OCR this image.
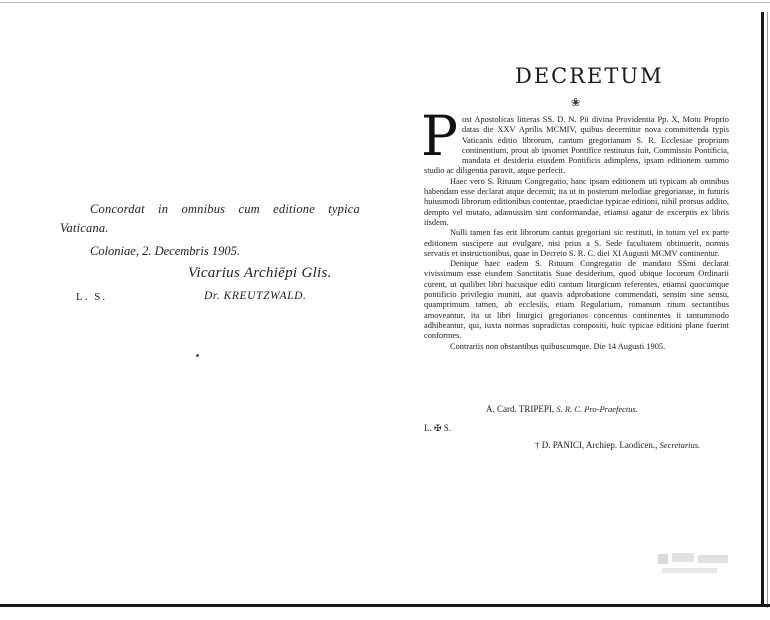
Concordat in omnibus cum editione typica Vaticana.

Coloniae, 2. Decembris 1905.

Vicarius Archiēpi Glis.
L. S.	Dr. KREUTZWALD.
DECRETUM
❀
P ost Apostolicas litteras SS. D. N. Pii divina Providentia Pp. X, Motu Proprio datas die XXV Aprilis MCMIV, quibus decernitur nova committenda typis Vaticanis editio librorum, cantum gregorianum S. R. Ecclesiae proprium continentium, prout ab ipsomet Pontifice restitutus fuit, Commissio Pontificia, mandata et desideria eiusdem Pontificis adimplens, ipsam editionem summo studio ac diligentia paravit, atque perfecit.

Haec vero S. Rituum Congregatio, hanc ipsam editionem uti typicam ab omnibus habendam esse declarat atque decernit; ita ut in posterum melodiae gregorianae, in futuris huiusmodi librorum editionibus contentae, praedictae typicae editioni, nihil prorsus addito, dempto vel mutato, adamussim sint conformandae, etiamsi agatur de excerptis ex libris iisdem.

Nulli tamen fas erit librorum cantus gregoriani sic restituti, in totum vel ex parte editionem suscipere aut evulgare, nisi prius a S. Sede facultatem obtinuerit, normis servatis et instructionibus, quae in Decreto S. R. C. diei XI Augusti MCMV continentur.

Denique haec eadem S. Rituum Congregatio de mandato SSmi declarat vivissimum esse eiusdem Sanctitatis Suae desiderium, quod ubique locorum Ordinarii curent, ut quilibet libri hucusque editi cantum liturgicum referentes, etiamsi quocumque pontificio privilegio muniti, aut quavis adprobatione commendati, sensim sine sensu, quamprimum tamen, ab ecclesiis, etiam Regularium, romanum ritum sectantibus amoveantur, ita ut libri liturgici gregorianos concentus continentes ii tantummodo adhibeantur, qui, iuxta normas supradictas compositi, huic typicae editioni plane fuerint conformes.

Contrariis non obstantibus quibuscumque. Die 14 Augusti 1905.

A. Card. TRIPEPI, S. R. C. Pro-Praefectus.
L. ✠ S.
† D. PANICI, Archiep. Laodicen., Secretarius.
